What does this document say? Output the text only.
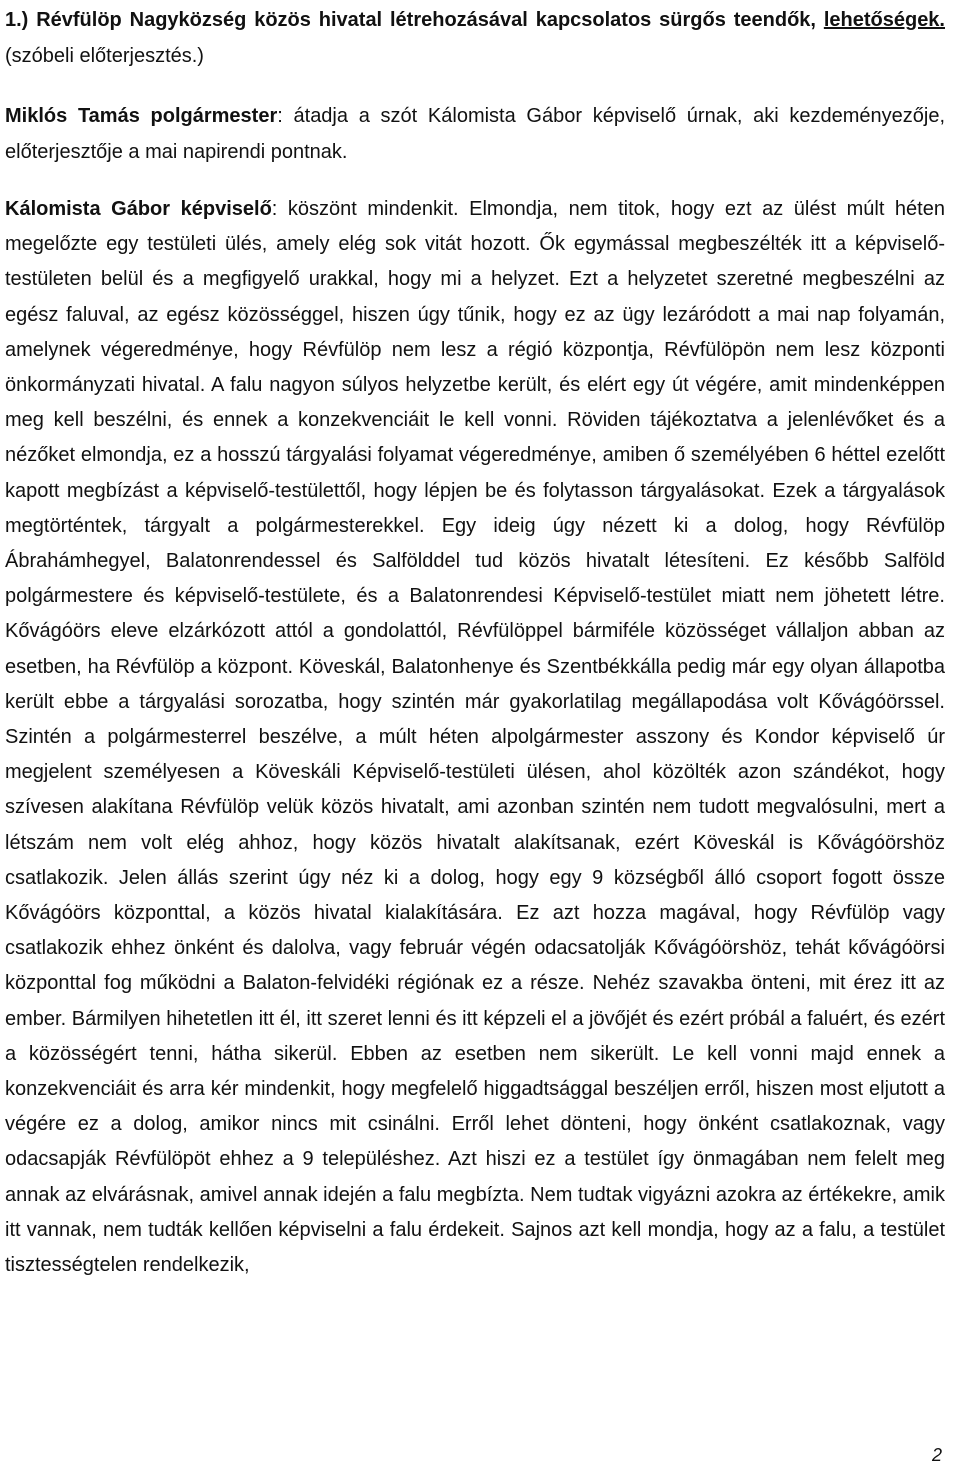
1.) Révfülöp Nagyközség közös hivatal létrehozásával kapcsolatos sürgős teendők, lehetőségek. (szóbeli előterjesztés.)

Miklós Tamás polgármester: átadja a szót Kálomista Gábor képviselő úrnak, aki kezdeményezője, előterjesztője a mai napirendi pontnak.

Kálomista Gábor képviselő: köszönt mindenkit. Elmondja, nem titok, hogy ezt az ülést múlt héten megelőzte egy testületi ülés, amely elég sok vitát hozott. Ők egymással megbeszélték itt a képviselő-testületen belül és a megfigyelő urakkal, hogy mi a helyzet. Ezt a helyzetet szeretné megbeszélni az egész faluval, az egész közösséggel, hiszen úgy tűnik, hogy ez az ügy lezáródott a mai nap folyamán, amelynek végeredménye, hogy Révfülöp nem lesz a régió központja, Révfülöpön nem lesz központi önkormányzati hivatal. A falu nagyon súlyos helyzetbe került, és elért egy út végére, amit mindenképpen meg kell beszélni, és ennek a konzekvenciáit le kell vonni. Röviden tájékoztatva a jelenlévőket és a nézőket elmondja, ez a hosszú tárgyalási folyamat végeredménye, amiben ő személyében 6 héttel ezelőtt kapott megbízást a képviselő-testülettől, hogy lépjen be és folytasson tárgyalásokat. Ezek a tárgyalások megtörténtek, tárgyalt a polgármesterekkel. Egy ideig úgy nézett ki a dolog, hogy Révfülöp Ábrahámhegyel, Balatonrendessel és Salfölddel tud közös hivatalt létesíteni. Ez később Salföld polgármestere és képviselő-testülete, és a Balatonrendesi Képviselő-testület miatt nem jöhetett létre. Kővágóörs eleve elzárkózott attól a gondolattól, Révfülöppel bármiféle közösséget vállaljon abban az esetben, ha Révfülöp a központ. Köveskál, Balatonhenye és Szentbékkálla pedig már egy olyan állapotba került ebbe a tárgyalási sorozatba, hogy szintén már gyakorlatilag megállapodása volt Kővágóörssel. Szintén a polgármesterrel beszélve, a múlt héten alpolgármester asszony és Kondor képviselő úr megjelent személyesen a Köveskáli Képviselő-testületi ülésen, ahol közölték azon szándékot, hogy szívesen alakítana Révfülöp velük közös hivatalt, ami azonban szintén nem tudott megvalósulni, mert a létszám nem volt elég ahhoz, hogy közös hivatalt alakítsanak, ezért Köveskál is Kővágóörshöz csatlakozik. Jelen állás szerint úgy néz ki a dolog, hogy egy 9 községből álló csoport fogott össze Kővágóörs központtal, a közös hivatal kialakítására. Ez azt hozza magával, hogy Révfülöp vagy csatlakozik ehhez önként és dalolva, vagy február végén odacsatolják Kővágóörshöz, tehát kővágóörsi központtal fog működni a Balaton-felvidéki régiónak ez a része. Nehéz szavakba önteni, mit érez itt az ember. Bármilyen hihetetlen itt él, itt szeret lenni és itt képzeli el a jövőjét és ezért próbál a faluért, és ezért a közösségért tenni, hátha sikerül. Ebben az esetben nem sikerült. Le kell vonni majd ennek a konzekvenciáit és arra kér mindenkit, hogy megfelelő higgadtsággal beszéljen erről, hiszen most eljutott a végére ez a dolog, amikor nincs mit csinálni. Erről lehet dönteni, hogy önként csatlakoznak, vagy odacsapják Révfülöpöt ehhez a 9 településhez. Azt hiszi ez a testület így önmagában nem felelt meg annak az elvárásnak, amivel annak idején a falu megbízta. Nem tudtak vigyázni azokra az értékekre, amik itt vannak, nem tudták kellően képviselni a falu érdekeit. Sajnos azt kell mondja, hogy az a falu, a testület tisztességtelen rendelkezik,

2
